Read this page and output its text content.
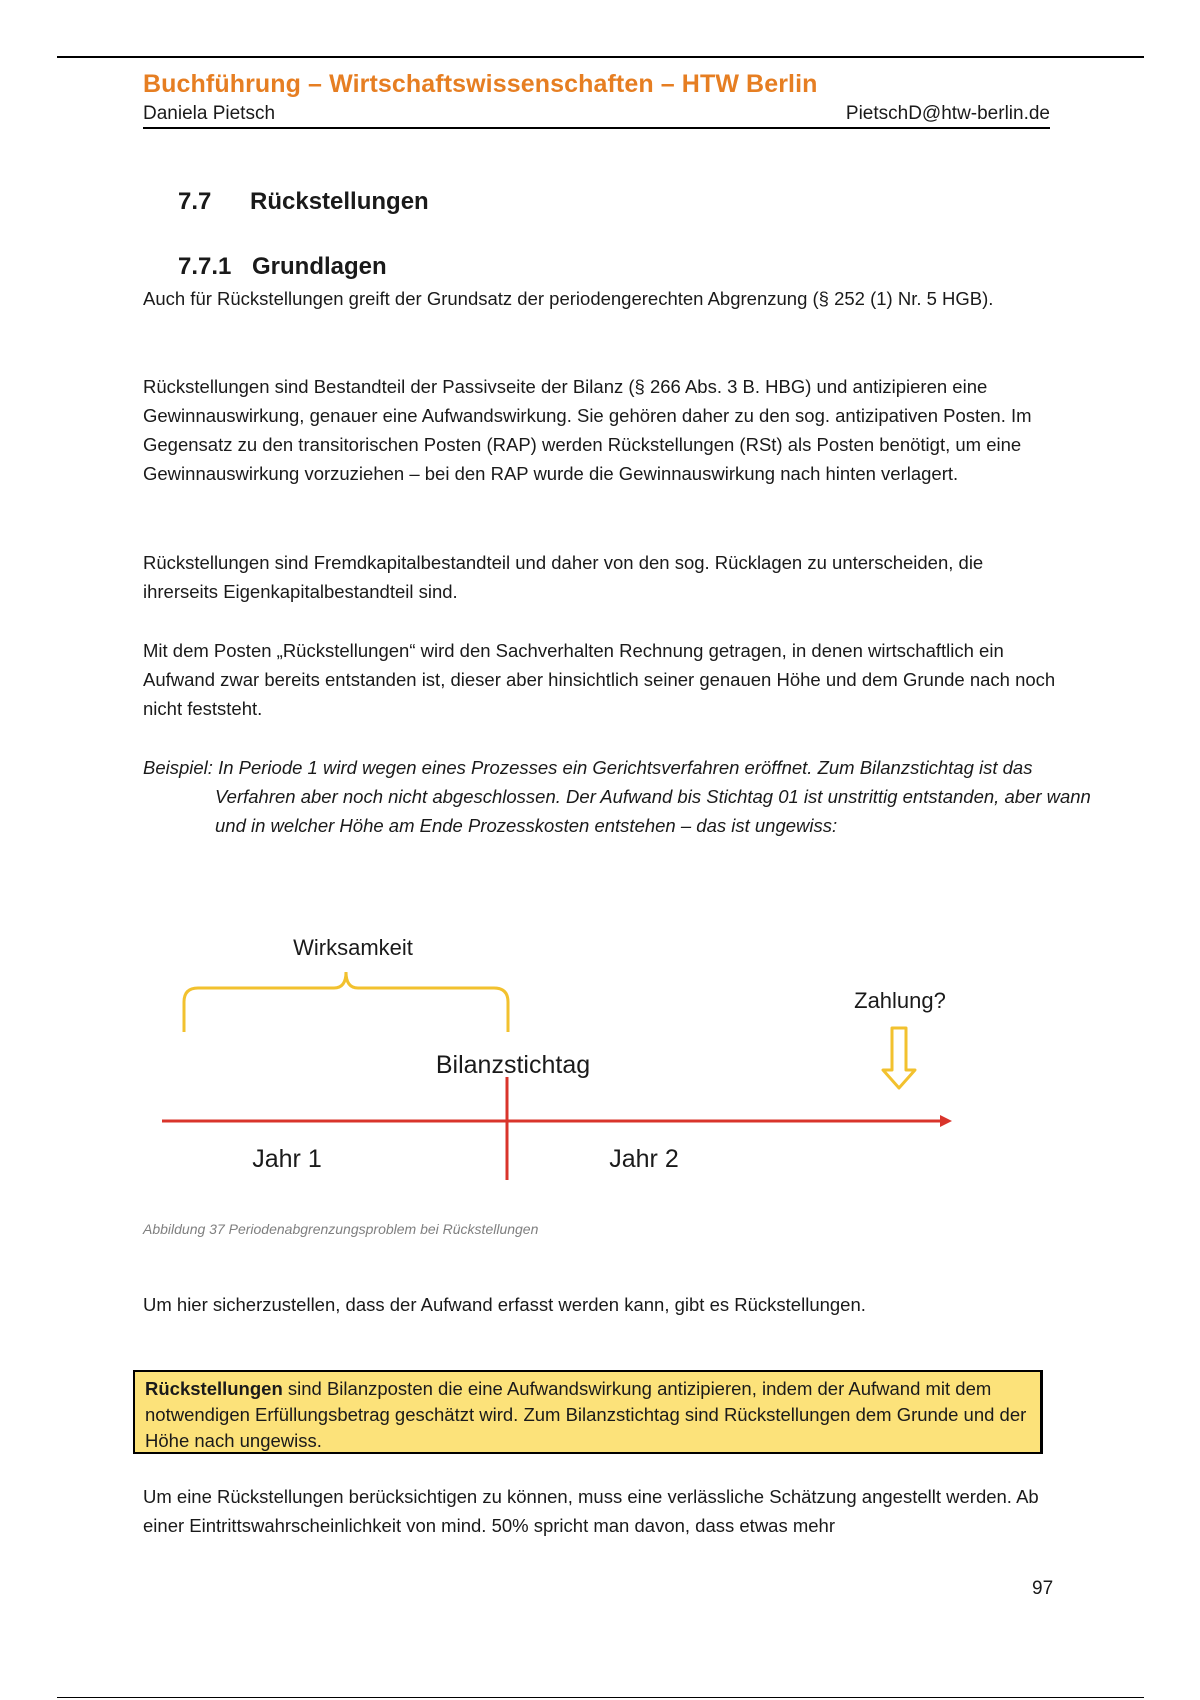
Buchführung – Wirtschaftswissenschaften – HTW Berlin
Daniela Pietsch	PietschD@htw-berlin.de
7.7 Rückstellungen
7.7.1 Grundlagen
Auch für Rückstellungen greift der Grundsatz der periodengerechten Abgrenzung (§ 252 (1) Nr. 5 HGB).
Rückstellungen sind Bestandteil der Passivseite der Bilanz (§ 266 Abs. 3 B. HBG) und antizipieren eine Gewinnauswirkung, genauer eine Aufwandswirkung. Sie gehören daher zu den sog. antizipativen Posten. Im Gegensatz zu den transitorischen Posten (RAP) werden Rückstellungen (RSt) als Posten benötigt, um eine Gewinnauswirkung vorzuziehen – bei den RAP wurde die Gewinnauswirkung nach hinten verlagert.
Rückstellungen sind Fremdkapitalbestandteil und daher von den sog. Rücklagen zu unterscheiden, die ihrerseits Eigenkapitalbestandteil sind.
Mit dem Posten „Rückstellungen“ wird den Sachverhalten Rechnung getragen, in denen wirtschaftlich ein Aufwand zwar bereits entstanden ist, dieser aber hinsichtlich seiner genauen Höhe und dem Grunde nach noch nicht feststeht.
Beispiel: In Periode 1 wird wegen eines Prozesses ein Gerichtsverfahren eröffnet. Zum Bilanzstichtag ist das Verfahren aber noch nicht abgeschlossen. Der Aufwand bis Stichtag 01 ist unstrittig entstanden, aber wann und in welcher Höhe am Ende Prozesskosten entstehen – das ist ungewiss:
Wirksamkeit
Zahlung?
Bilanzstichtag
Jahr 1	Jahr 2
Abbildung 37 Periodenabgrenzungsproblem bei Rückstellungen
Um hier sicherzustellen, dass der Aufwand erfasst werden kann, gibt es Rückstellungen.
Rückstellungen sind Bilanzposten die eine Aufwandswirkung antizipieren, indem der Aufwand mit dem notwendigen Erfüllungsbetrag geschätzt wird. Zum Bilanzstichtag sind Rückstellungen dem Grunde und der Höhe nach ungewiss.
Um eine Rückstellungen berücksichtigen zu können, muss eine verlässliche Schätzung angestellt werden. Ab einer Eintrittswahrscheinlichkeit von mind. 50% spricht man davon, dass etwas mehr
97
